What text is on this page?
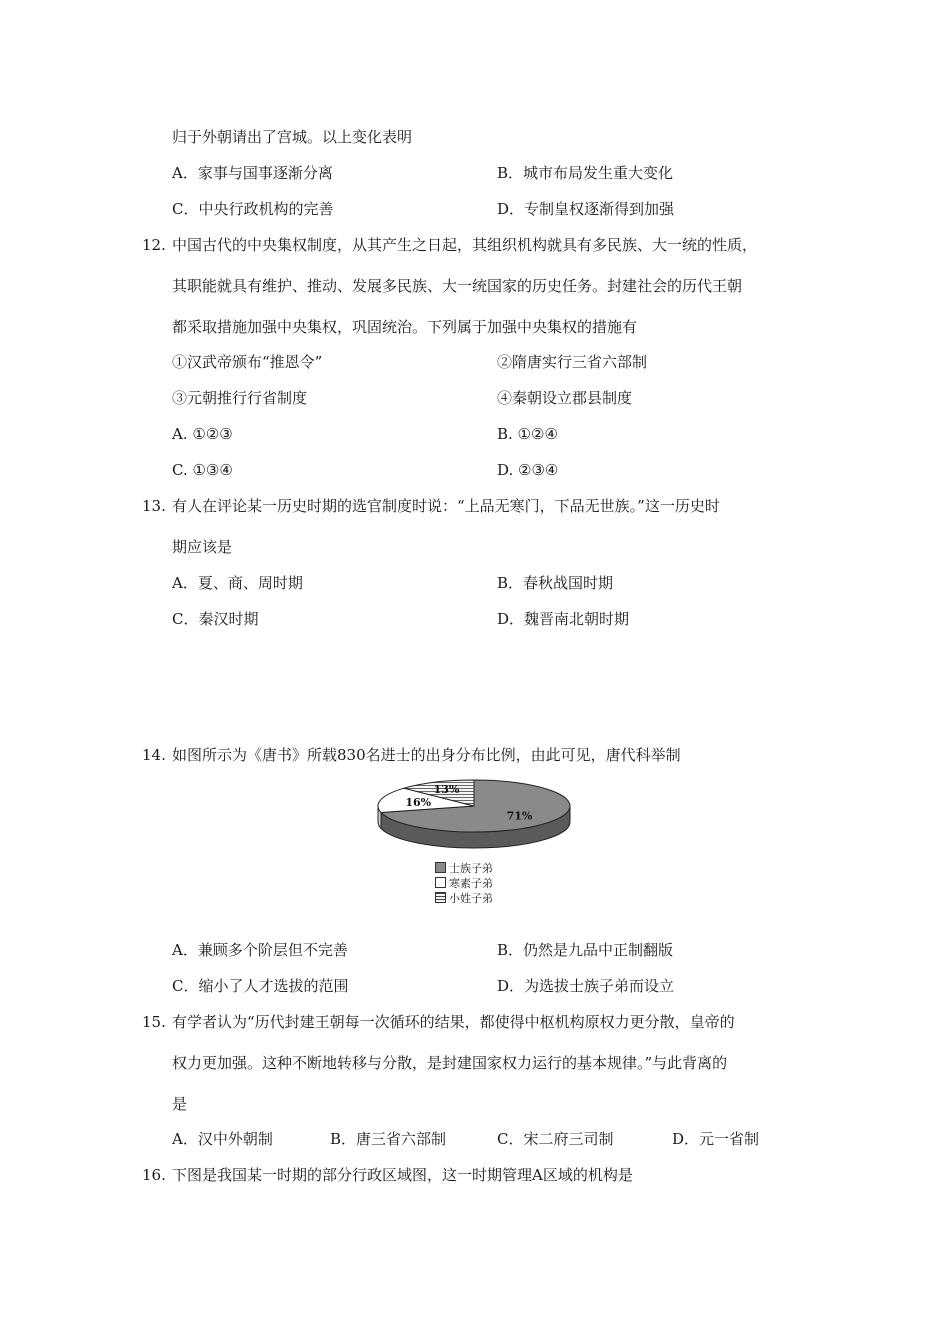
归于外朝请出了宫城。以上变化表明
A．家事与国事逐渐分离	B．城市布局发生重大变化
C．中央行政机构的完善	D．专制皇权逐渐得到加强
12. 中国古代的中央集权制度，从其产生之日起，其组织机构就具有多民族、大一统的性质，
其职能就具有维护、推动、发展多民族、大一统国家的历史任务。封建社会的历代王朝
都采取措施加强中央集权，巩固统治。下列属于加强中央集权的措施有
①汉武帝颁布“推恩令”	②隋唐实行三省六部制
③元朝推行行省制度	④秦朝设立郡县制度
A. ①②③	B. ①②④
C. ①③④	D. ②③④
13. 有人在评论某一历史时期的选官制度时说：“上品无寒门，下品无世族。”这一历史时
期应该是
A．夏、商、周时期	B．春秋战国时期
C．秦汉时期	D．魏晋南北朝时期
14. 如图所示为《唐书》所载830名进士的出身分布比例，由此可见，唐代科举制
71%
16%
13%
士族子弟
寒素子弟
小姓子弟
A．兼顾多个阶层但不完善	B．仍然是九品中正制翻版
C．缩小了人才选拔的范围	D．为选拔士族子弟而设立
15. 有学者认为“历代封建王朝每一次循环的结果，都使得中枢机构原权力更分散，皇帝的
权力更加强。这种不断地转移与分散，是封建国家权力运行的基本规律。”与此背离的
是
A．汉中外朝制	B．唐三省六部制	C．宋二府三司制	D．元一省制
16. 下图是我国某一时期的部分行政区域图，这一时期管理A区域的机构是
